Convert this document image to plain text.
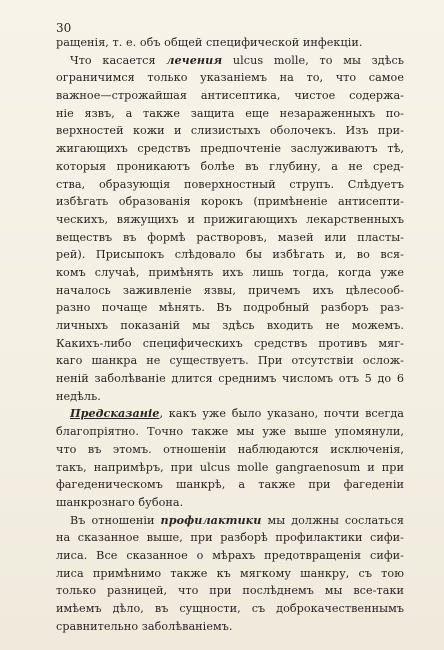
30
ращенія, т. е. объ общей специфической инфекціи.
Что касается лечения ulcus molle, то мы здѣсь
ограничимся только указаніемъ на то, что самое
важное—строжайшая антисептика, чистое содержа-
ніе язвъ, а также защита еще незараженныхъ по-
верхностей кожи и слизистыхъ оболочекъ. Изъ при-
жигающихъ средствъ предпочтеніе заслуживаютъ тѣ,
которыя проникаютъ болѣе въ глубину, а не сред-
ства, образующія поверхностный струпъ. Слѣдуетъ
избѣгать образованія корокъ (примѣненіе антисепти-
ческихъ, вяжущихъ и прижигающихъ лекарственныхъ
веществъ въ формѣ растворовъ, мазей или пласты-
рей). Присыпокъ слѣдовало бы избѣгать и, во вся-
комъ случаѣ, примѣнять ихъ лишь тогда, когда уже
началось заживленіе язвы, причемъ ихъ цѣлесооб-
разно почаще мѣнять. Въ подробный разборъ раз-
личныхъ показаній мы здѣсь входить не можемъ.
Какихъ-либо специфическихъ средствъ противъ мяг-
каго шанкра не существуетъ. При отсутствіи ослож-
неній заболѣваніе длится среднимъ числомъ отъ 5 до 6
недѣль.
Предсказаніе, какъ уже было указано, почти всегда
благопріятно. Точно также мы уже выше упомянули,
что въ этомъ. отношеніи наблюдаются исключенія,
такъ, напримѣръ, при ulcus molle gangraenosum и при
фагеденическомъ шанкрѣ, а также при фагеденіи
шанкрознаго бубона.
Въ отношеніи профилактики мы должны сослаться
на сказанное выше, при разборѣ профилактики сифи-
лиса. Все сказанное о мѣрахъ предотвращенія сифи-
лиса примѣнимо также къ мягкому шанкру, съ тою
только разницей, что при послѣднемъ мы все-таки
имѣемъ дѣло, въ сущности, съ доброкачественнымъ
сравнительно заболѣваніемъ.
